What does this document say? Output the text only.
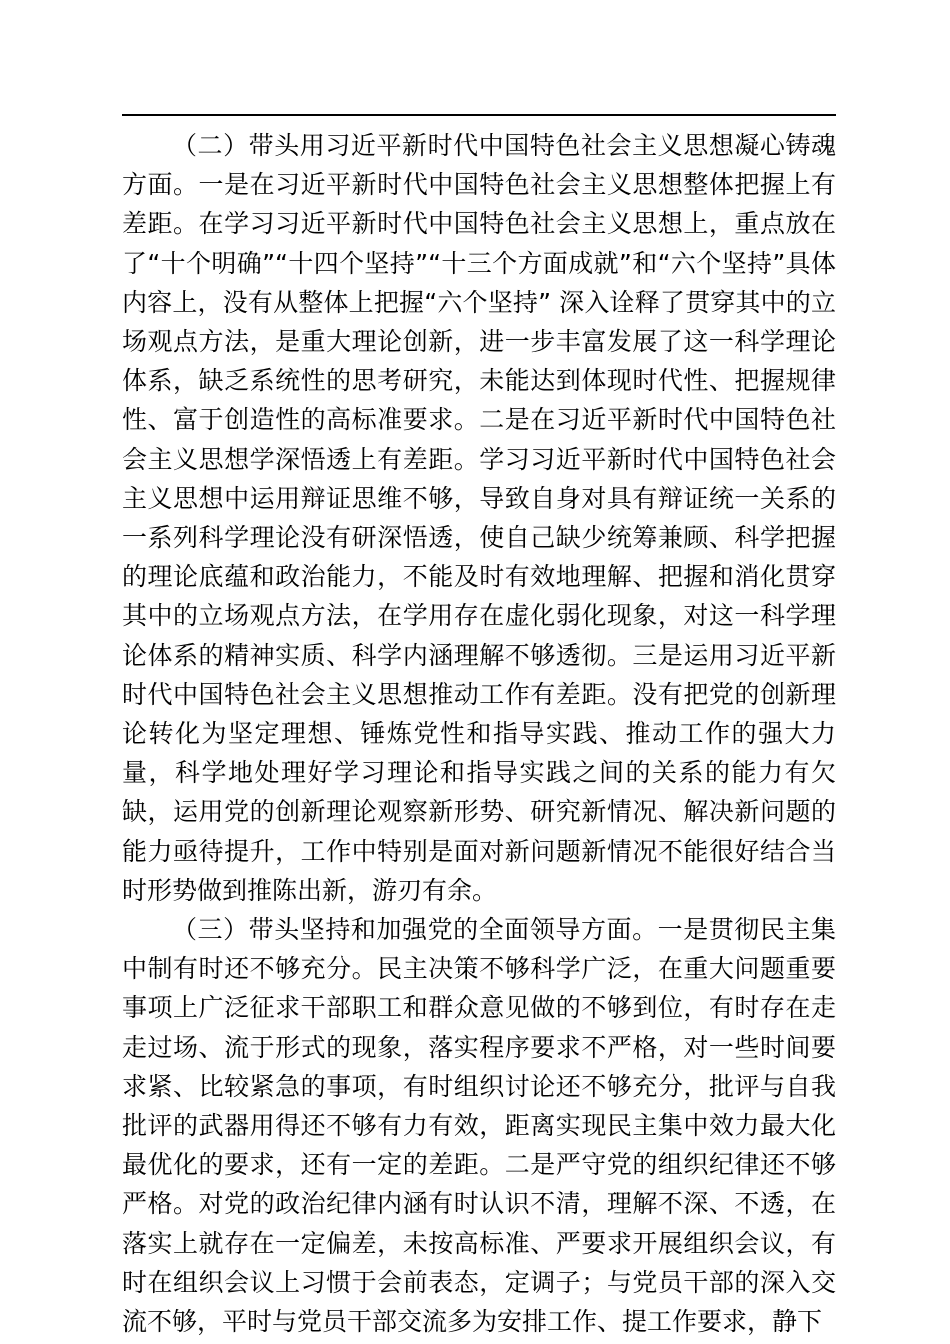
（二）带头用习近平新时代中国特色社会主义思想凝心铸魂方面。一是在习近平新时代中国特色社会主义思想整体把握上有差距。在学习习近平新时代中国特色社会主义思想上，重点放在了“十个明确”“十四个坚持”“十三个方面成就”和“六个坚持”具体内容上，没有从整体上把握“六个坚持” 深入诠释了贯穿其中的立场观点方法，是重大理论创新，进一步丰富发展了这一科学理论体系，缺乏系统性的思考研究，未能达到体现时代性、把握规律性、富于创造性的高标准要求。二是在习近平新时代中国特色社会主义思想学深悟透上有差距。学习习近平新时代中国特色社会主义思想中运用辩证思维不够，导致自身对具有辩证统一关系的一系列科学理论没有研深悟透，使自己缺少统筹兼顾、科学把握的理论底蕴和政治能力，不能及时有效地理解、把握和消化贯穿其中的立场观点方法，在学用存在虚化弱化现象，对这一科学理论体系的精神实质、科学内涵理解不够透彻。三是运用习近平新时代中国特色社会主义思想推动工作有差距。没有把党的创新理论转化为坚定理想、锤炼党性和指导实践、推动工作的强大力量，科学地处理好学习理论和指导实践之间的关系的能力有欠缺，运用党的创新理论观察新形势、研究新情况、解决新问题的能力亟待提升，工作中特别是面对新问题新情况不能很好结合当时形势做到推陈出新，游刃有余。

（三）带头坚持和加强党的全面领导方面。一是贯彻民主集中制有时还不够充分。民主决策不够科学广泛，在重大问题重要事项上广泛征求干部职工和群众意见做的不够到位，有时存在走走过场、流于形式的现象，落实程序要求不严格，对一些时间要求紧、比较紧急的事项，有时组织讨论还不够充分，批评与自我批评的武器用得还不够有力有效，距离实现民主集中效力最大化最优化的要求，还有一定的差距。二是严守党的组织纪律还不够严格。对党的政治纪律内涵有时认识不清，理解不深、不透，在落实上就存在一定偏差，未按高标准、严要求开展组织会议，有时在组织会议上习惯于会前表态，定调子；与党员干部的深入交流不够，平时与党员干部交流多为安排工作、提工作要求，静下
